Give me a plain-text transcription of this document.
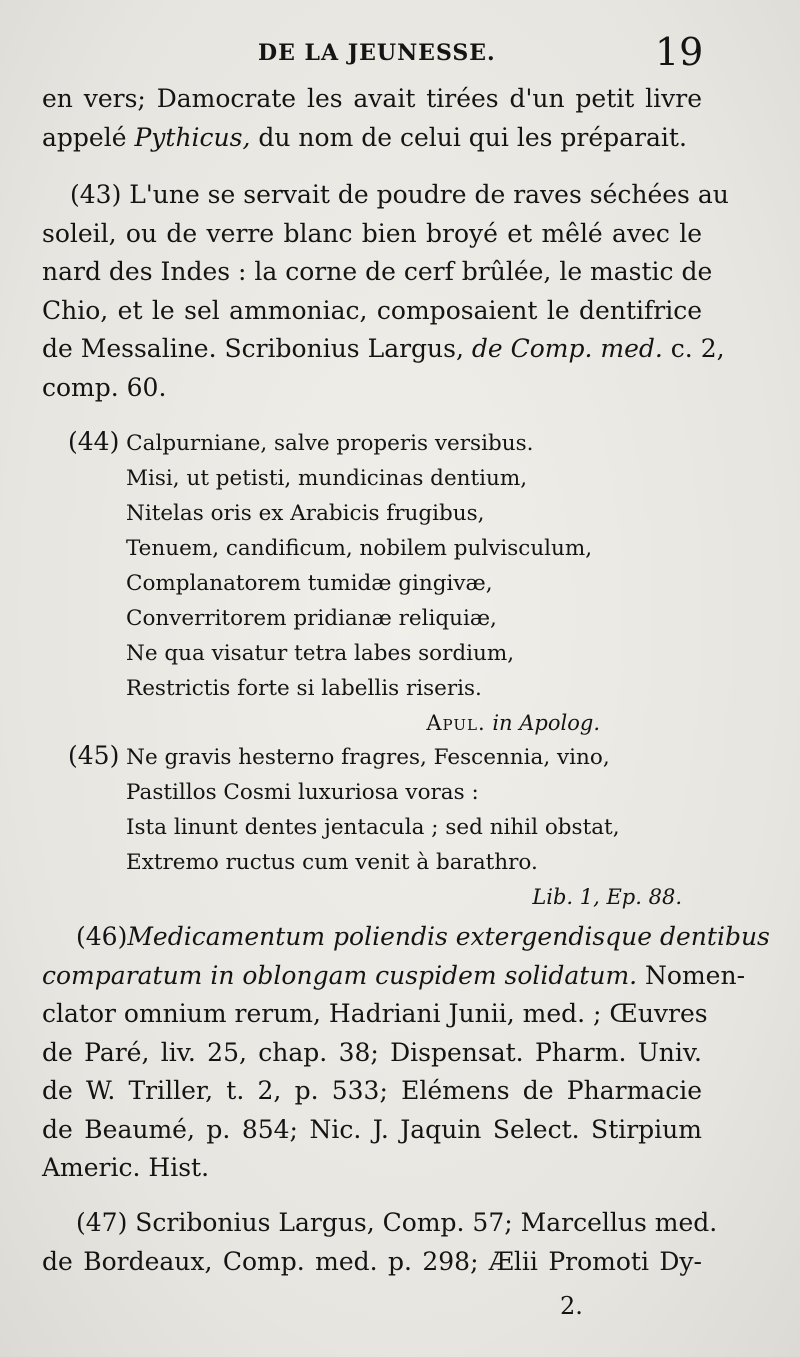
DE LA JEUNESSE.	19
en vers; Damocrate les avait tirées d'un petit livre
appelé Pythicus, du nom de celui qui les préparait.
(43) L'une se servait de poudre de raves séchées au
soleil, ou de verre blanc bien broyé et mêlé avec le
nard des Indes : la corne de cerf brûlée, le mastic de
Chio, et le sel ammoniac, composaient le dentifrice
de Messaline. Scribonius Largus, de Comp. med. c. 2,
comp. 60.
(44) Calpurniane, salve properis versibus.
Misi, ut petisti, mundicinas dentium,
Nitelas oris ex Arabicis frugibus,
Tenuem, candificum, nobilem pulvisculum,
Complanatorem tumidæ gingivæ,
Converritorem pridianæ reliquiæ,
Ne qua visatur tetra labes sordium,
Restrictis forte si labellis riseris.
Apul. in Apolog.
(45) Ne gravis hesterno fragres, Fescennia, vino,
Pastillos Cosmi luxuriosa voras :
Ista linunt dentes jentacula ; sed nihil obstat,
Extremo ructus cum venit à barathro.
Lib. 1, Ep. 88.
(46)Medicamentum poliendis extergendisque dentibus
comparatum in oblongam cuspidem solidatum. Nomen-
clator omnium rerum, Hadriani Junii, med. ; Œuvres
de Paré, liv. 25, chap. 38; Dispensat. Pharm. Univ.
de W. Triller, t. 2, p. 533; Elémens de Pharmacie
de Beaumé, p. 854; Nic. J. Jaquin Select. Stirpium
Americ. Hist.
(47) Scribonius Largus, Comp. 57; Marcellus med.
de Bordeaux, Comp. med. p. 298; Ælii Promoti Dy-
2.
